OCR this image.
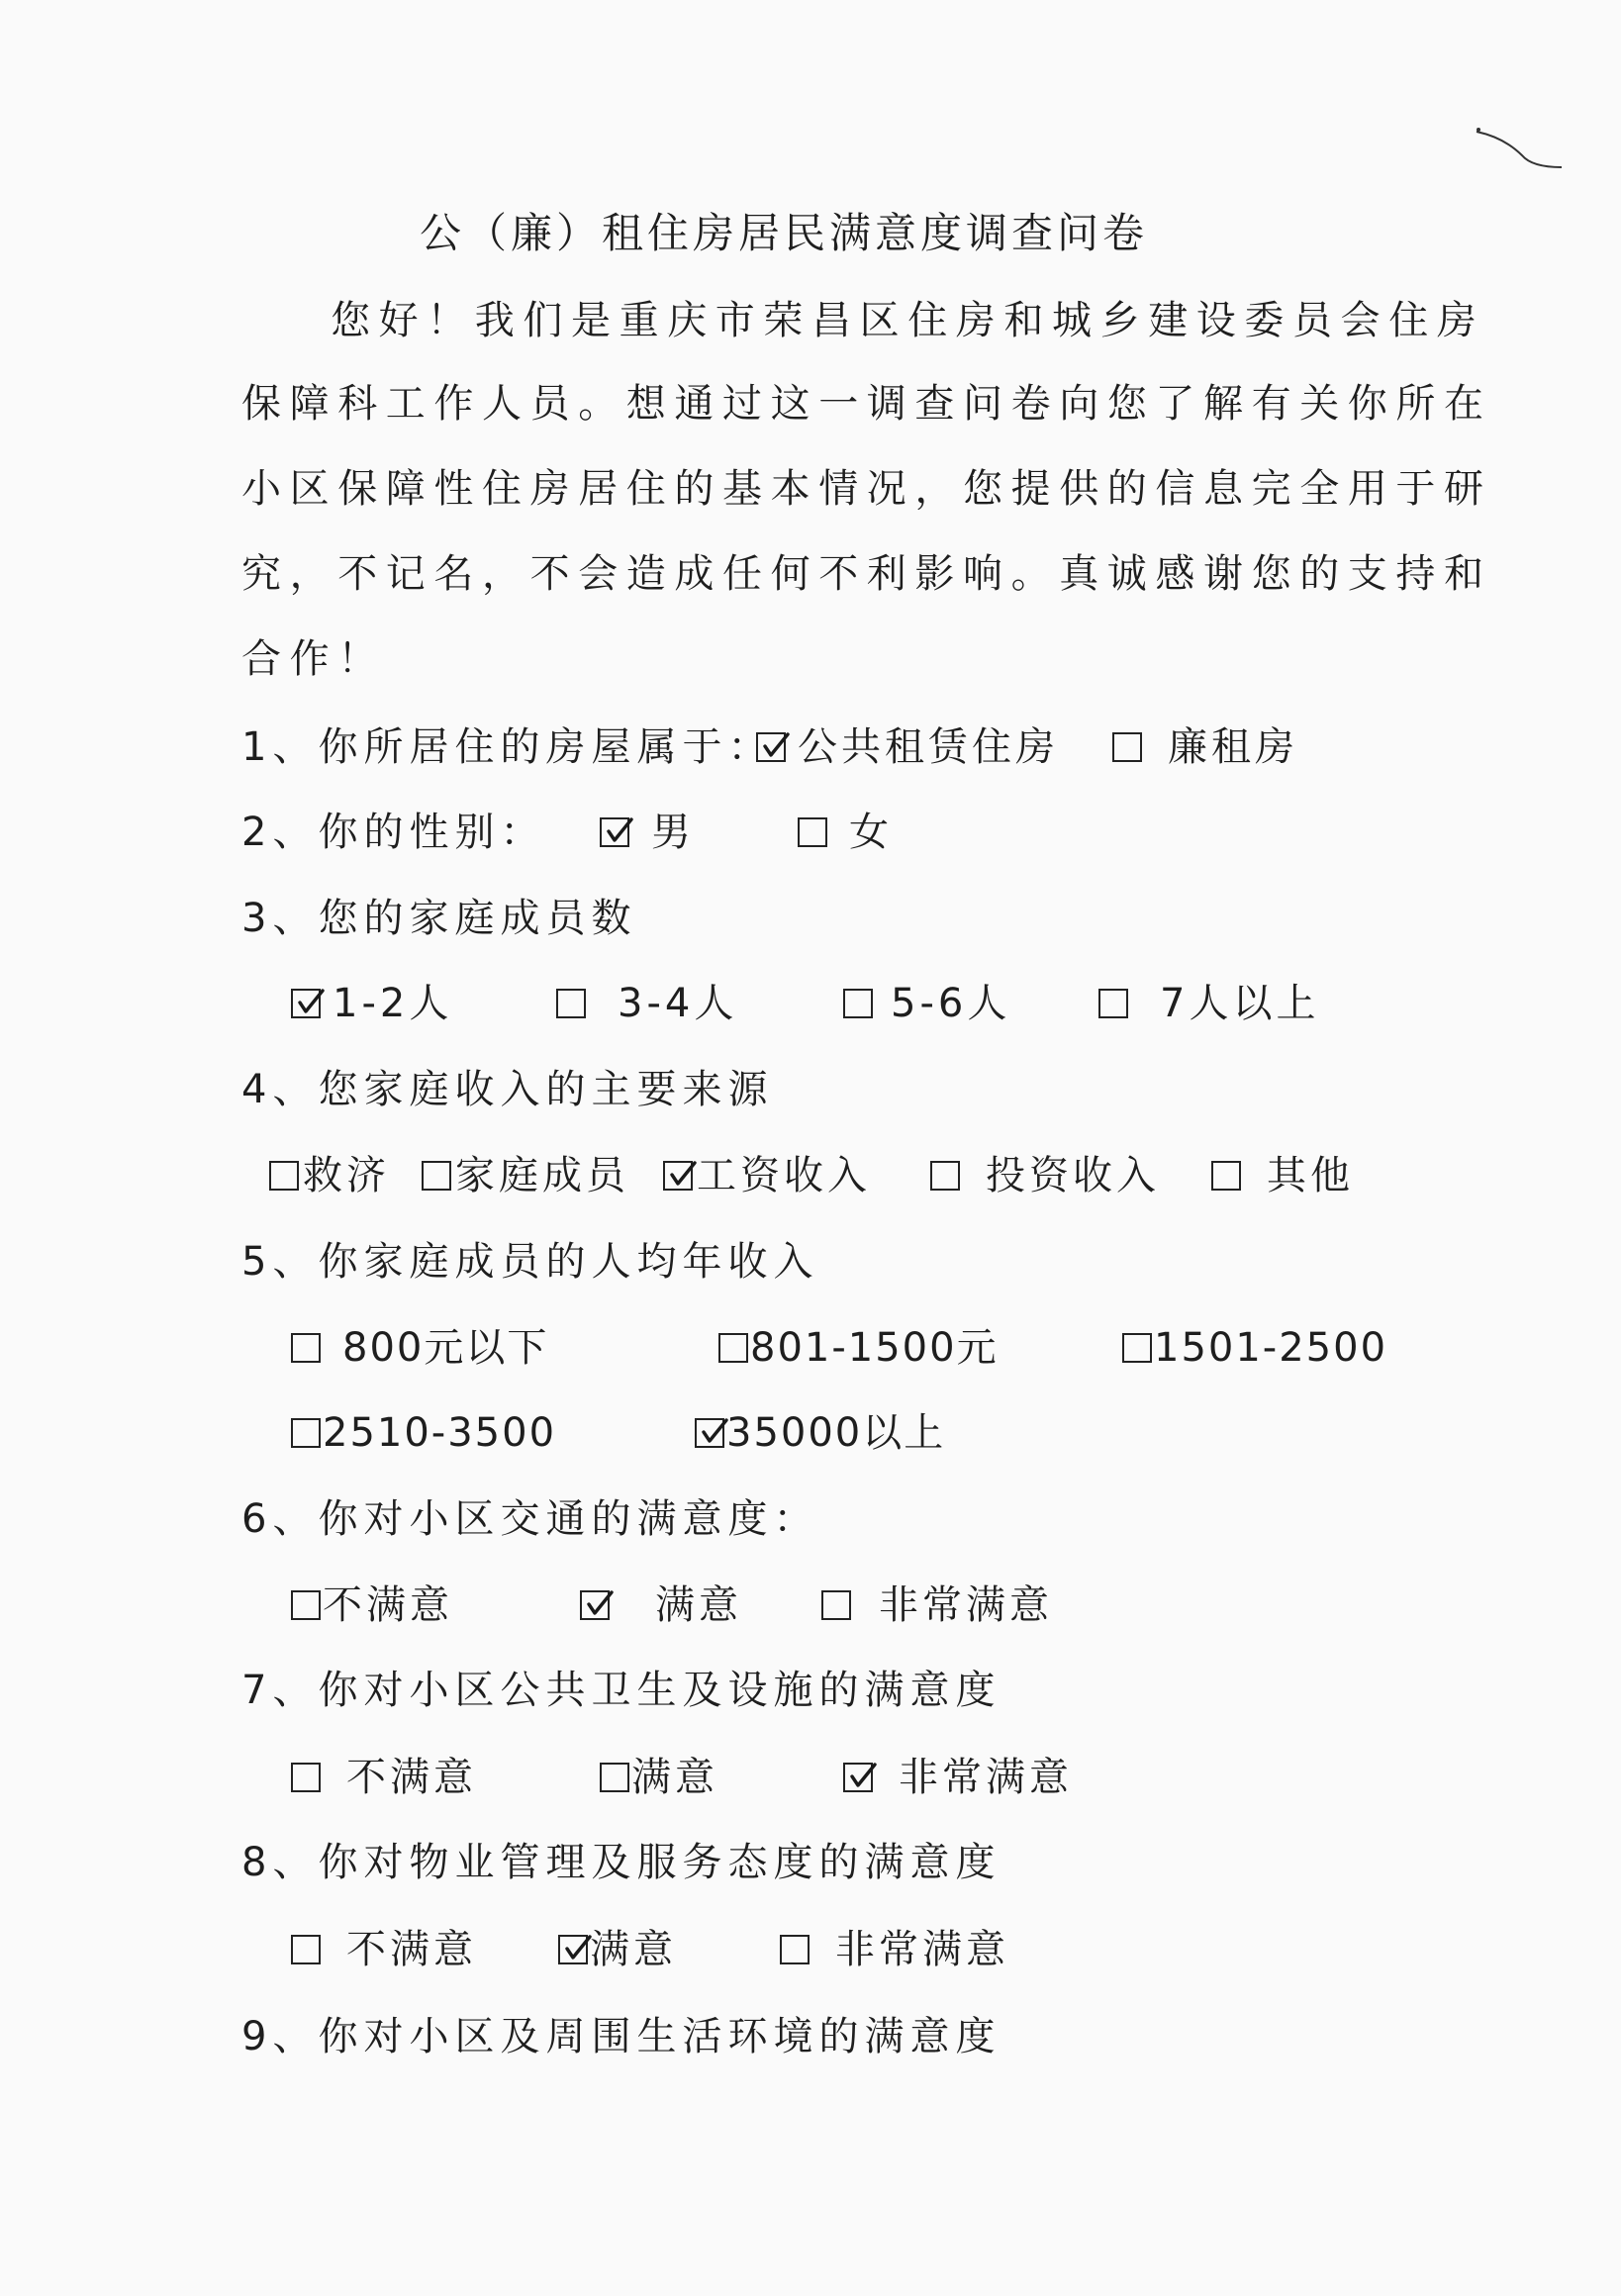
公（廉）租住房居民满意度调查问卷
您好！我们是重庆市荣昌区住房和城乡建设委员会住房
保障科工作人员。想通过这一调查问卷向您了解有关你所在
小区保障性住房居住的基本情况，您提供的信息完全用于研
究，不记名，不会造成任何不利影响。真诚感谢您的支持和
合作！
1、你所居住的房屋属于： 公共租赁住房	廉租房
2、你的性别：	男	女
3、您的家庭成员数
1-2人	3-4人	5-6人	7人以上
4、您家庭收入的主要来源
救济 家庭成员 工资收入	投资收入	其他
5、你家庭成员的人均年收入
800元以下	801-1500元	1501-2500
2510-3500	35000以上
6、你对小区交通的满意度：
不满意	满意	非常满意
7、你对小区公共卫生及设施的满意度
不满意	满意	非常满意
8、你对物业管理及服务态度的满意度
不满意	满意	非常满意
9、你对小区及周围生活环境的满意度
